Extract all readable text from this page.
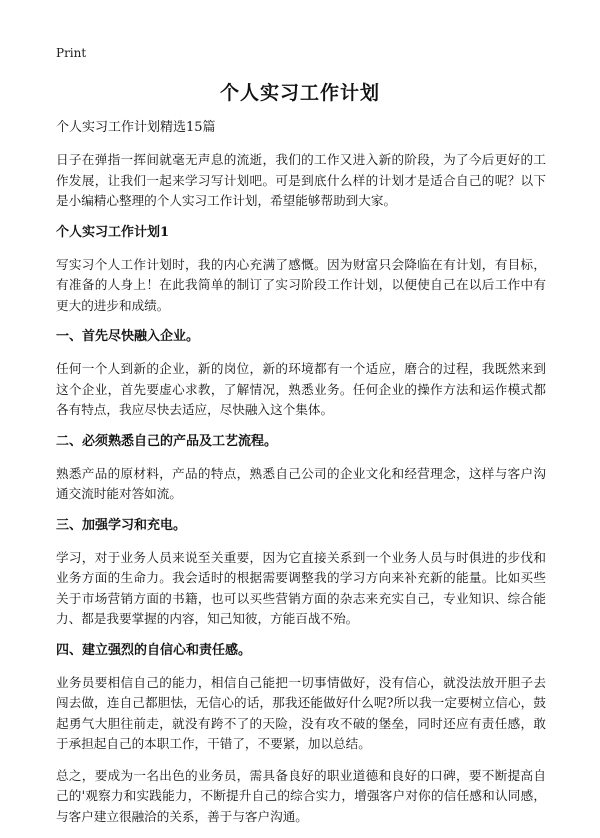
Print
个人实习工作计划

个人实习工作计划精选15篇

日子在弹指一挥间就毫无声息的流逝，我们的工作又进入新的阶段，为了今后更好的工作发展，让我们一起来学习写计划吧。可是到底什么样的计划才是适合自己的呢？以下是小编精心整理的个人实习工作计划，希望能够帮助到大家。

个人实习工作计划1

写实习个人工作计划时，我的内心充满了感慨。因为财富只会降临在有计划，有目标，有准备的人身上！在此我简单的制订了实习阶段工作计划，以便使自己在以后工作中有更大的进步和成绩。

一、首先尽快融入企业。

任何一个人到新的企业，新的岗位，新的环境都有一个适应，磨合的过程，我既然来到这个企业，首先要虚心求教，了解情况，熟悉业务。任何企业的操作方法和运作模式都各有特点，我应尽快去适应，尽快融入这个集体。

二、必须熟悉自己的产品及工艺流程。

熟悉产品的原材料，产品的特点，熟悉自己公司的企业文化和经营理念，这样与客户沟通交流时能对答如流。

三、加强学习和充电。

学习，对于业务人员来说至关重要，因为它直接关系到一个业务人员与时俱进的步伐和业务方面的生命力。我会适时的根据需要调整我的学习方向来补充新的能量。比如买些关于市场营销方面的书籍，也可以买些营销方面的杂志来充实自己，专业知识、综合能力、都是我要掌握的内容，知己知彼，方能百战不殆。

四、建立强烈的自信心和责任感。

业务员要相信自己的能力，相信自己能把一切事情做好，没有信心，就没法放开胆子去闯去做，连自己都胆怯，无信心的话，那我还能做好什么呢?所以我一定要树立信心，鼓起勇气大胆往前走，就没有跨不了的天险，没有攻不破的堡垒，同时还应有责任感，敢于承担起自己的本职工作，干错了，不要紧，加以总结。

总之，要成为一名出色的业务员，需具备良好的职业道德和良好的口碑，要不断提高自己的'观察力和实践能力，不断提升自己的综合实力，增强客户对你的信任感和认同感，与客户建立很融洽的关系，善于与客户沟通。
